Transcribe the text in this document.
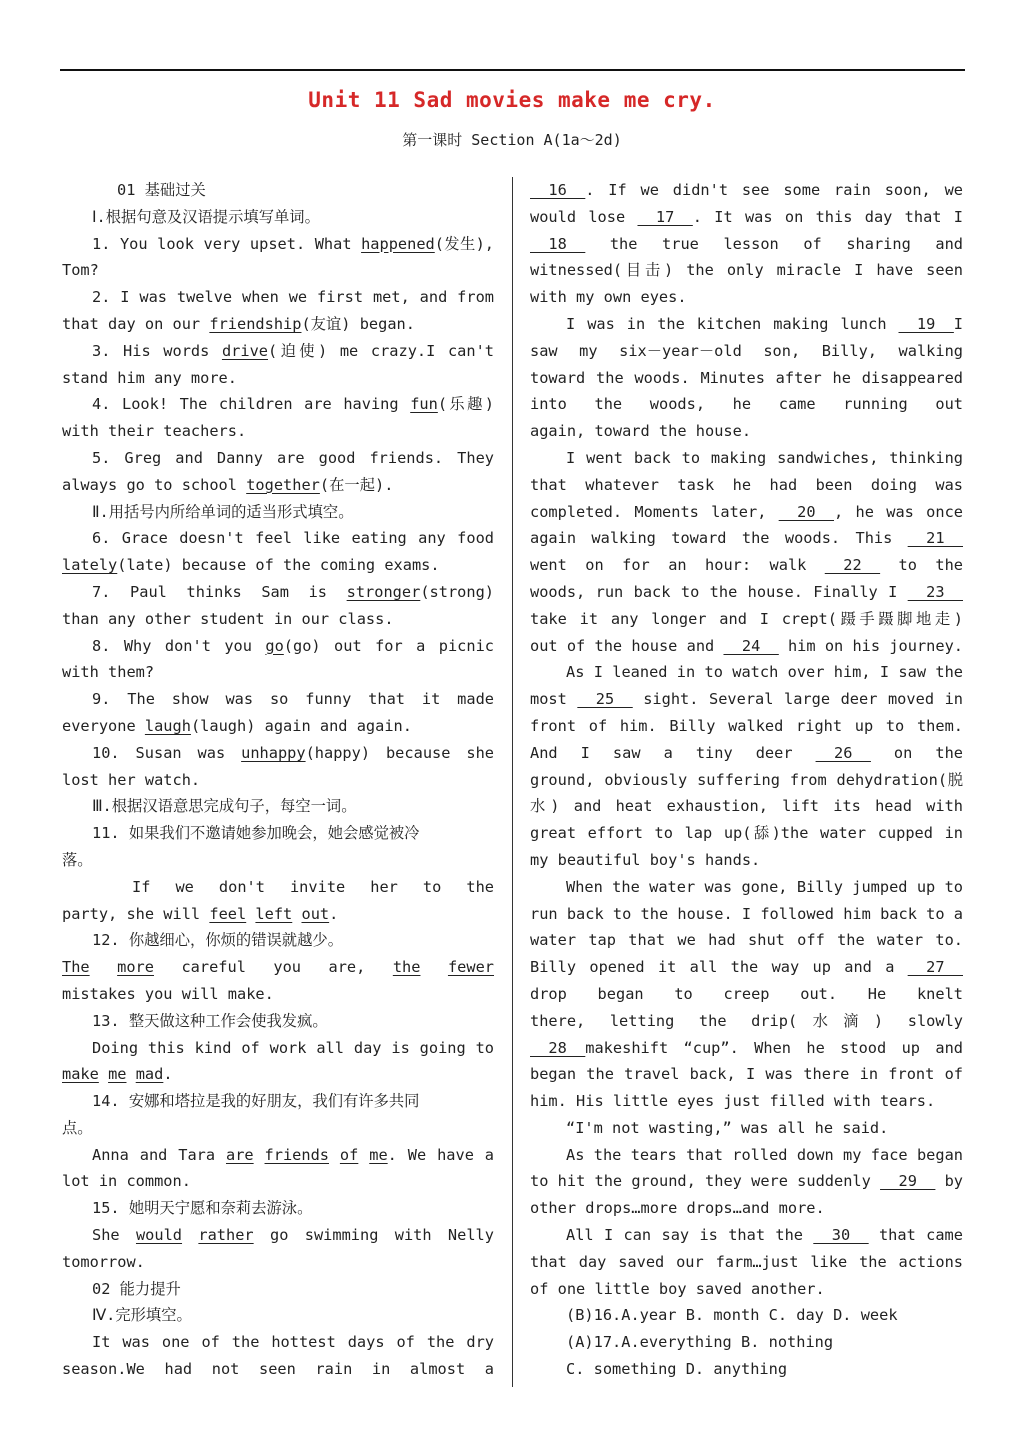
Unit 11 Sad movies make me cry.
第一课时 Section A(1a～2d)
01 基础过关
Ⅰ.根据句意及汉语提示填写单词。
1. You look very upset. What happened(发生),
Tom?
2. I was twelve when we first met, and from
that day on our friendship(友谊) began.
3. His words drive(迫使) me crazy.I can't
stand him any more.
4. Look! The children are having fun(乐趣)
with their teachers.
5. Greg and Danny are good friends. They
always go to school together(在一起).
Ⅱ.用括号内所给单词的适当形式填空。
6. Grace doesn't feel like eating any food
lately(late) because of the coming exams.
7. Paul thinks Sam is stronger(strong)
than any other student in our class.
8. Why don't you go(go) out for a picnic
with them?
9. The show was so funny that it made
everyone laugh(laugh) again and again.
10. Susan was unhappy(happy) because she
lost her watch.
Ⅲ.根据汉语意思完成句子，每空一词。
11. 如果我们不邀请她参加晚会，她会感觉被冷
落。
If we don't invite her to the
party, she will feel left out.
12. 你越细心，你烦的错误就越少。
The more careful you are, the fewer
mistakes you will make.
13. 整天做这种工作会使我发疯。
Doing this kind of work all day is going to
make me mad.
14. 安娜和塔拉是我的好朋友，我们有许多共同
点。
Anna and Tara are friends of me. We have a
lot in common.
15. 她明天宁愿和奈莉去游泳。
She would rather go swimming with Nelly
tomorrow.
02 能力提升
Ⅳ.完形填空。
It was one of the hottest days of the dry
season.We had not seen rain in almost a
__16__. If we didn't see some rain soon, we
would lose __17__. It was on this day that I
__18__ the true lesson of sharing and
witnessed(目击) the only miracle I have seen
with my own eyes.
I was in the kitchen making lunch __19__I
saw my six－year－old son, Billy, walking
toward the woods. Minutes after he disappeared
into the woods, he came running out
again, toward the house.
I went back to making sandwiches, thinking
that whatever task he had been doing was
completed. Moments later, __20__, he was once
again walking toward the woods. This __21__
went on for an hour: walk __22__ to the
woods, run back to the house. Finally I __23__
take it any longer and I crept(蹑手蹑脚地走)
out of the house and __24__ him on his journey.
As I leaned in to watch over him, I saw the
most __25__ sight. Several large deer moved in
front of him. Billy walked right up to them.
And I saw a tiny deer __26__ on the
ground, obviously suffering from dehydration(脱
水) and heat exhaustion, lift its head with
great effort to lap up(舔)the water cupped in
my beautiful boy's hands.
When the water was gone, Billy jumped up to
run back to the house. I followed him back to a
water tap that we had shut off the water to.
Billy opened it all the way up and a __27__
drop began to creep out. He knelt
there, letting the drip(水滴) slowly
__28__makeshift “cup”. When he stood up and
began the travel back, I was there in front of
him. His little eyes just filled with tears.
“I'm not wasting,” was all he said.
As the tears that rolled down my face began
to hit the ground, they were suddenly __29__ by
other drops…more drops…and more.
All I can say is that the __30__ that came
that day saved our farm…just like the actions
of one little boy saved another.
(B)16.A.year B. month C. day D. week
(A)17.A.everything B. nothing
C. something D. anything
